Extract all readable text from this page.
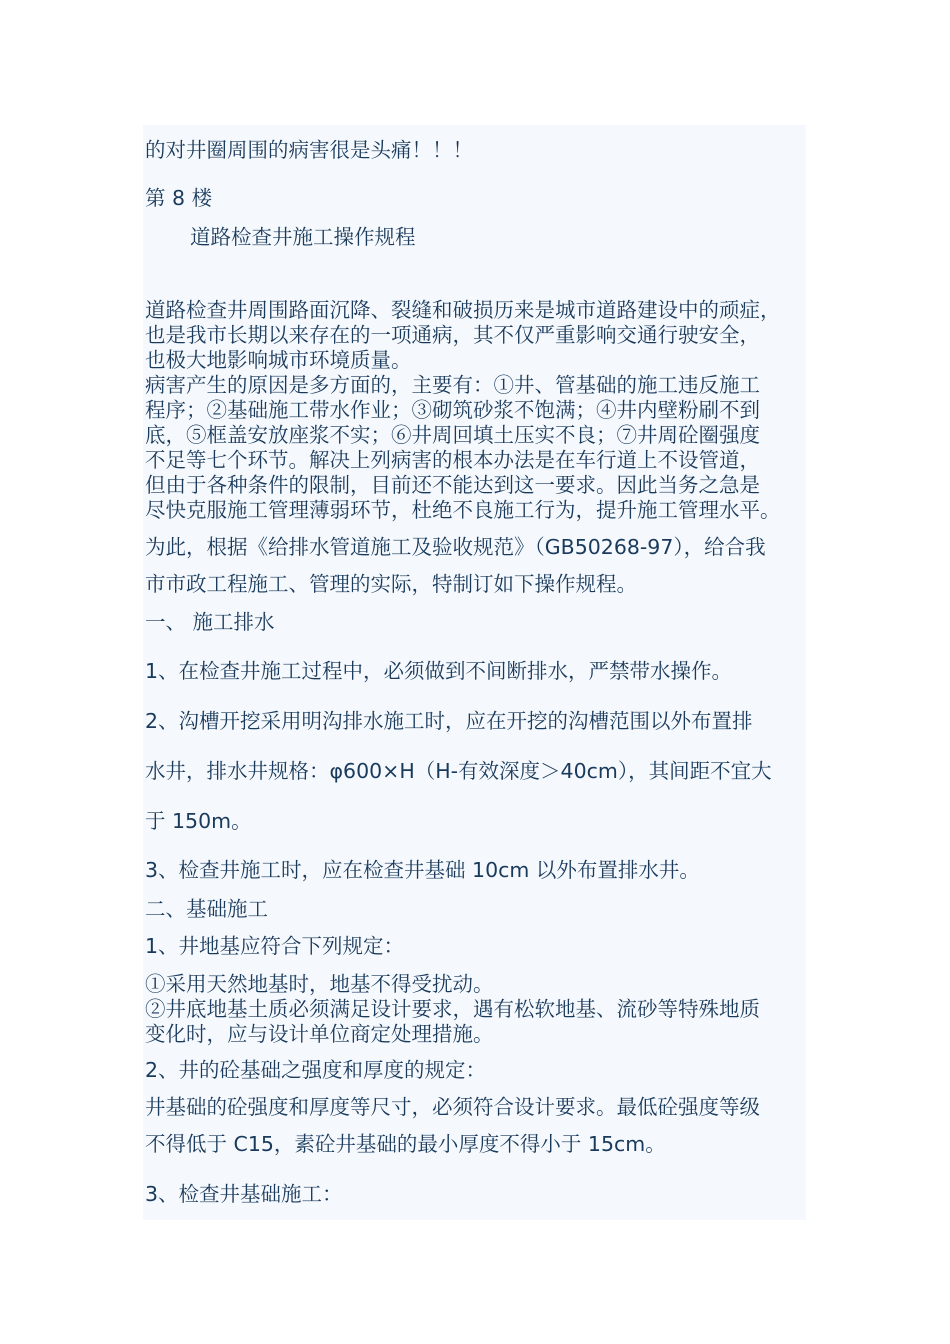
的对井圈周围的病害很是头痛！！！

第 8 楼

道路检查井施工操作规程

道路检查井周围路面沉降、裂缝和破损历来是城市道路建设中的顽症，
也是我市长期以来存在的一项通病，其不仅严重影响交通行驶安全，
也极大地影响城市环境质量。
病害产生的原因是多方面的，主要有：①井、管基础的施工违反施工
程序；②基础施工带水作业；③砌筑砂浆不饱满；④井内壁粉刷不到
底，⑤框盖安放座浆不实；⑥井周回填土压实不良；⑦井周砼圈强度
不足等七个环节。解决上列病害的根本办法是在车行道上不设管道，
但由于各种条件的限制，目前还不能达到这一要求。因此当务之急是
尽快克服施工管理薄弱环节，杜绝不良施工行为，提升施工管理水平。

为此，根据《给排水管道施工及验收规范》（GB50268-97），给合我

市市政工程施工、管理的实际，特制订如下操作规程。

一、 施工排水

1、在检查井施工过程中，必须做到不间断排水，严禁带水操作。

2、沟槽开挖采用明沟排水施工时，应在开挖的沟槽范围以外布置排

水井，排水井规格：φ600×H（H-有效深度＞40cm），其间距不宜大

于 150m。

3、检查井施工时，应在检查井基础 10cm 以外布置排水井。

二、基础施工

1、井地基应符合下列规定：

①采用天然地基时，地基不得受扰动。
②井底地基土质必须满足设计要求，遇有松软地基、流砂等特殊地质
变化时，应与设计单位商定处理措施。

2、井的砼基础之强度和厚度的规定：

井基础的砼强度和厚度等尺寸，必须符合设计要求。最低砼强度等级

不得低于 C15，素砼井基础的最小厚度不得小于 15cm。

3、检查井基础施工：
